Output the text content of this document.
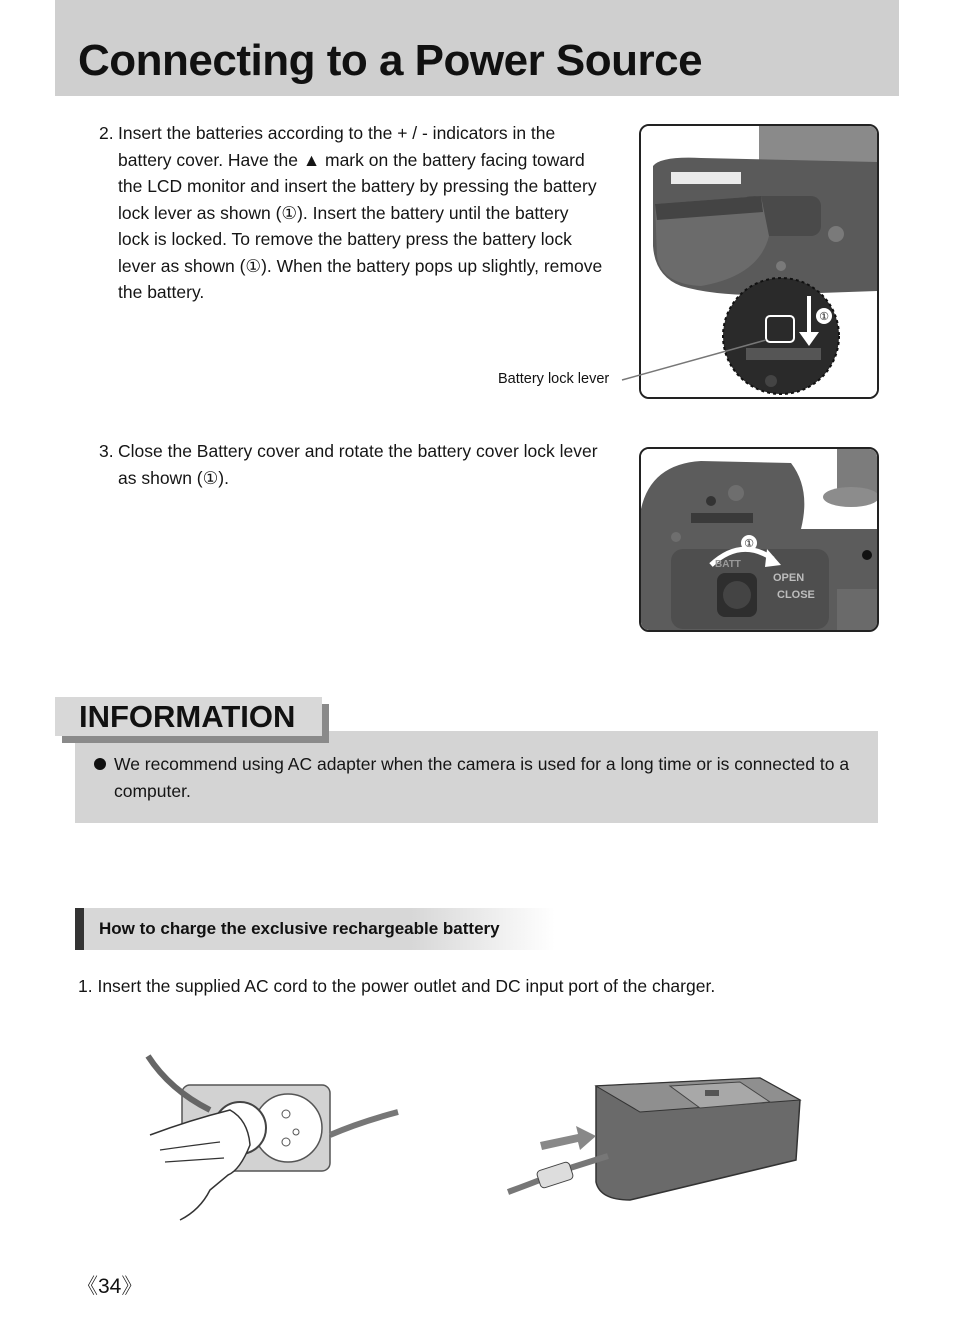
Connecting to a Power Source
2. Insert the batteries according to the + / - indicators in the battery cover. Have the ▲ mark on the battery facing toward the LCD monitor and insert the battery by pressing the battery lock lever as shown (①). Insert the battery until the battery lock is locked. To remove the battery press the battery lock lever as shown (①). When the battery pops up slightly, remove the battery.
①
Battery lock lever
3. Close the Battery cover and rotate the battery cover lock lever as shown (①).
①
BATT
OPEN
CLOSE
INFORMATION
We recommend using AC adapter when the camera is used for a long time or is connected to a computer.
How to charge the exclusive rechargeable battery
1. Insert the supplied AC cord to the power outlet and DC input port of the charger.
《34》
